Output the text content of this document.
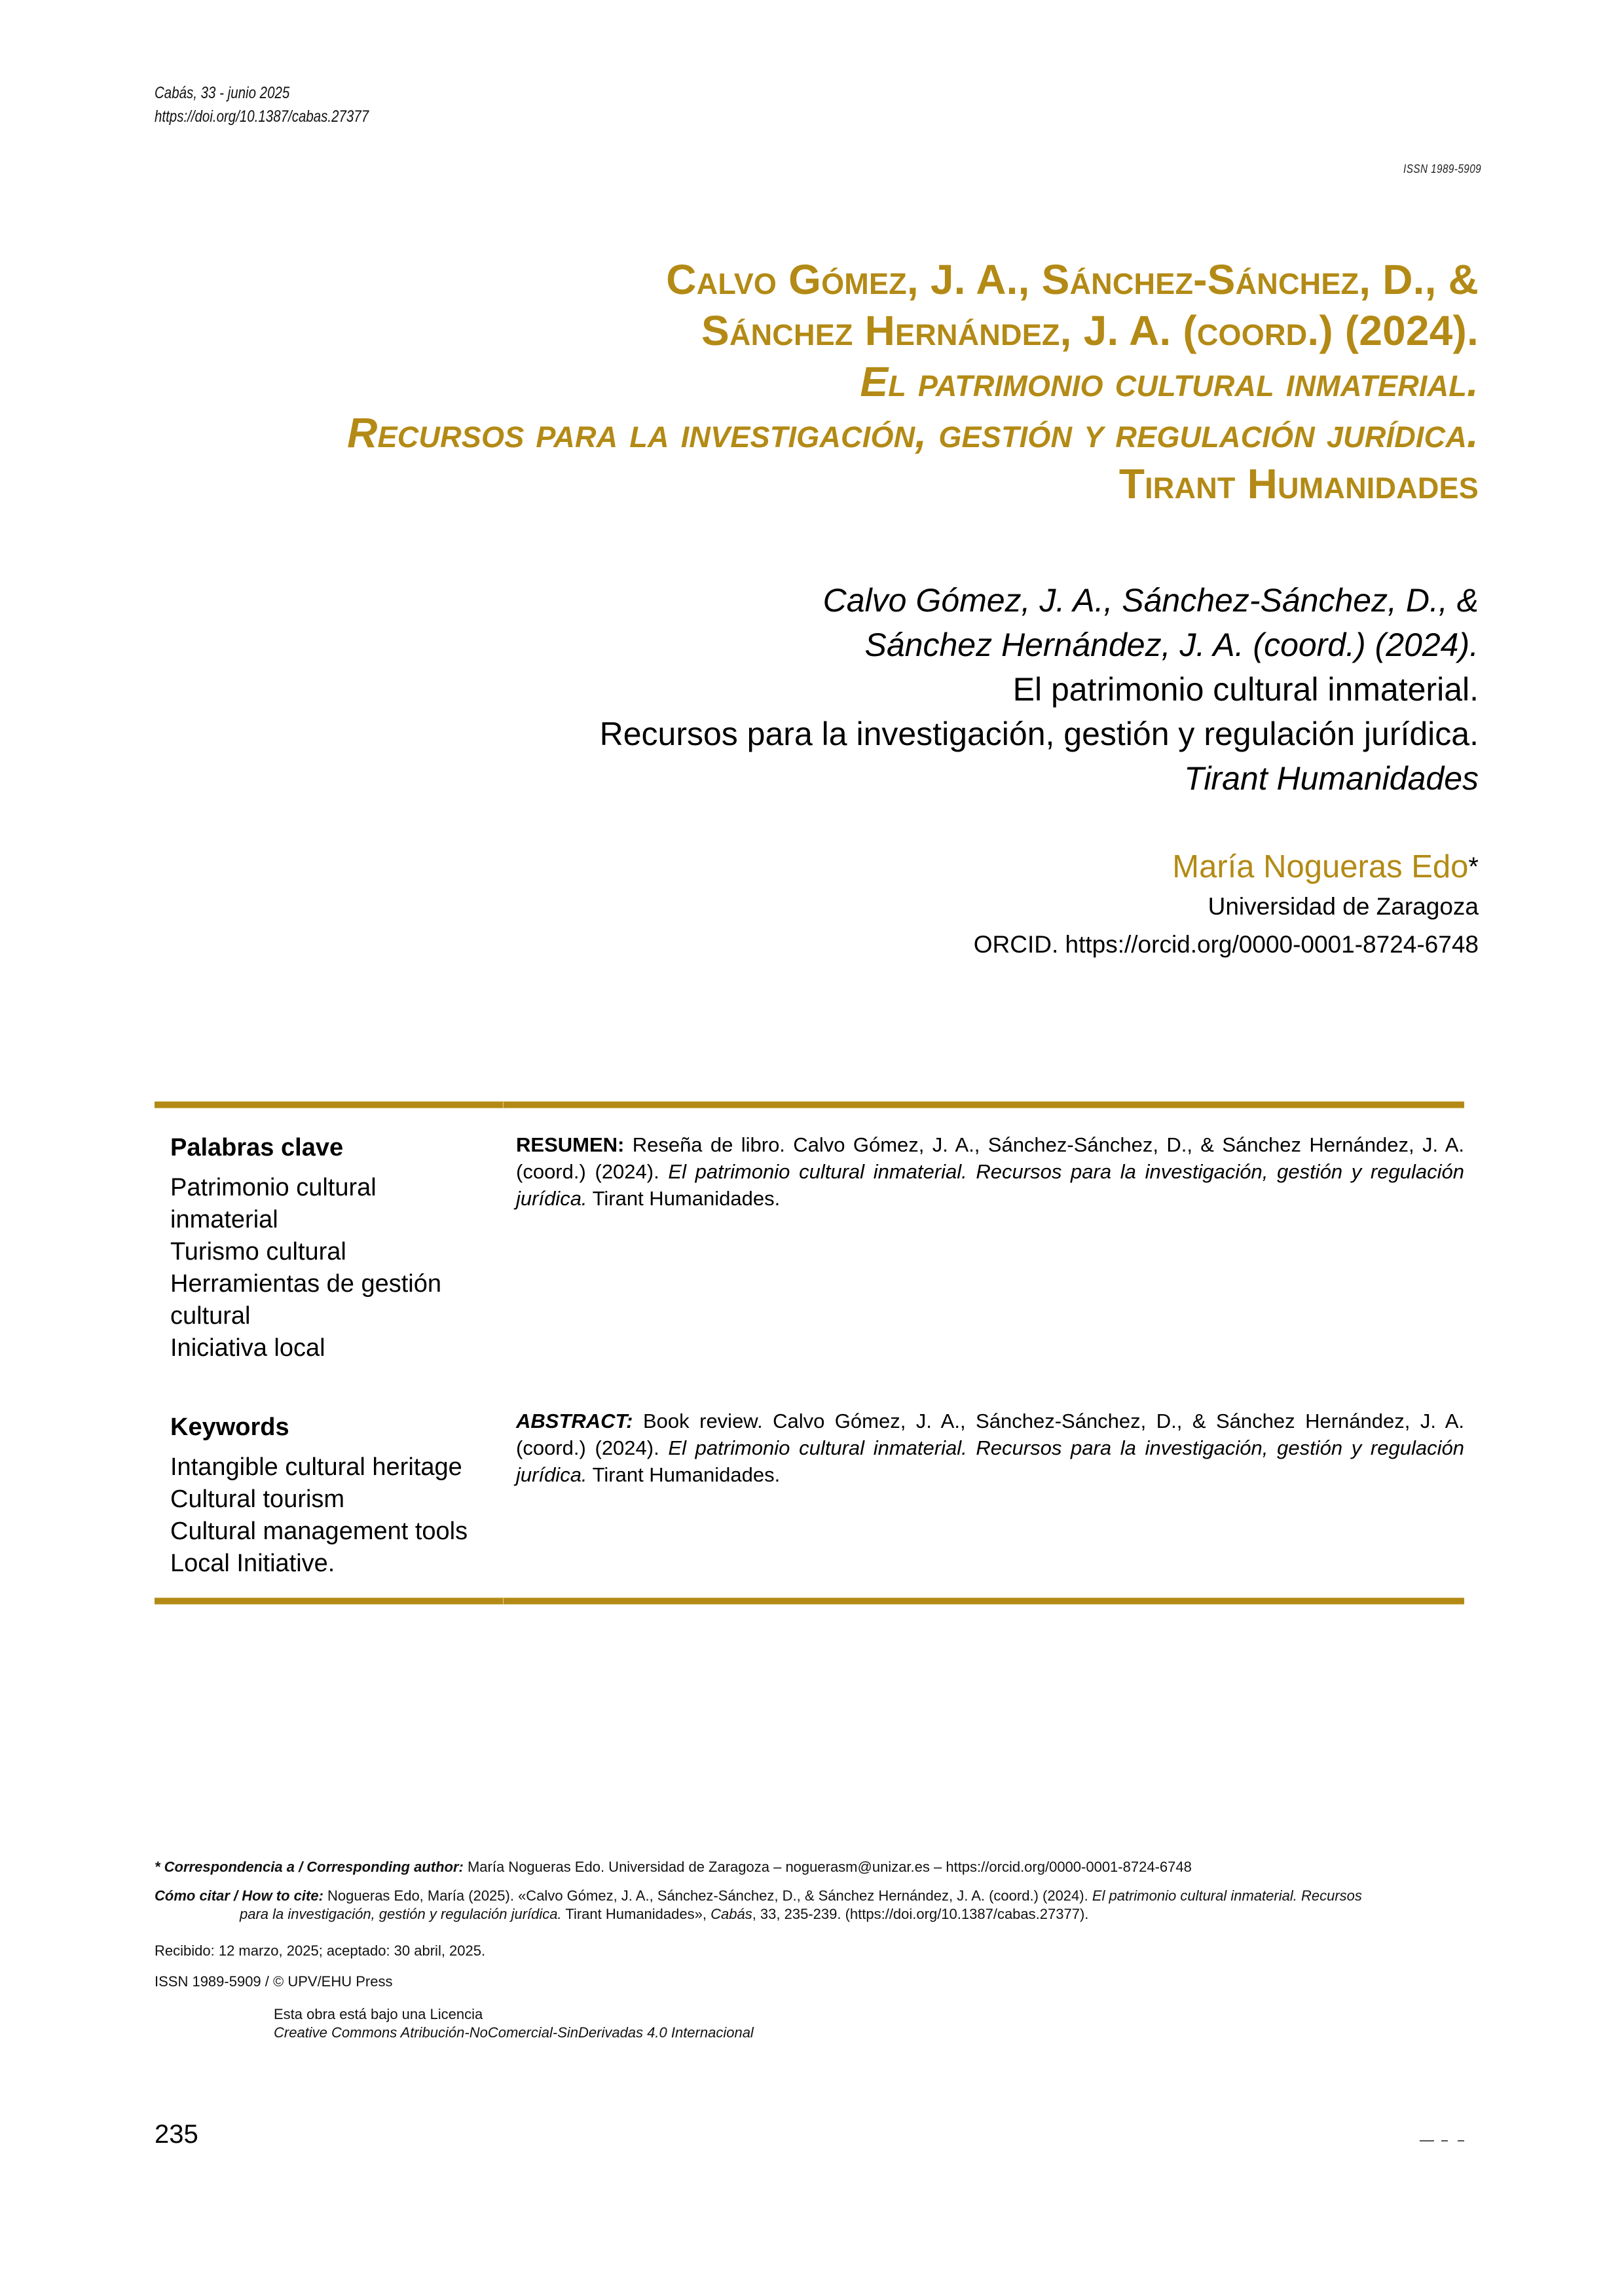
Cabás, 33 - junio 2025
https://doi.org/10.1387/cabas.27377
ISSN 1989-5909
Calvo Gómez, J. A., Sánchez-Sánchez, D., &
Sánchez Hernández, J. A. (coord.) (2024).
El patrimonio cultural inmaterial.
Recursos para la investigación, gestión y regulación jurídica.
Tirant Humanidades
Calvo Gómez, J. A., Sánchez-Sánchez, D., &
Sánchez Hernández, J. A. (coord.) (2024).
El patrimonio cultural inmaterial.
Recursos para la investigación, gestión y regulación jurídica.
Tirant Humanidades
María Nogueras Edo*
Universidad de Zaragoza
ORCID. https://orcid.org/0000-0001-8724-6748
Palabras clave
Patrimonio cultural
inmaterial
Turismo cultural
Herramientas de gestión
cultural
Iniciativa local
RESUMEN: Reseña de libro. Calvo Gómez, J. A., Sánchez-Sánchez, D., & Sánchez Hernández, J. A. (coord.) (2024). El patrimonio cultural inmaterial. Recursos para la investigación, gestión y regulación jurídica. Tirant Humanidades.
Keywords
Intangible cultural heritage
Cultural tourism
Cultural management tools
Local Initiative.
ABSTRACT: Book review. Calvo Gómez, J. A., Sánchez-Sánchez, D., & Sánchez Hernández, J. A. (coord.) (2024). El patrimonio cultural inmaterial. Recursos para la investigación, gestión y regulación jurídica. Tirant Humanidades.
* Correspondencia a / Corresponding author: María Nogueras Edo. Universidad de Zaragoza – noguerasm@unizar.es – https://orcid.org/0000-0001-8724-6748
Cómo citar / How to cite: Nogueras Edo, María (2025). «Calvo Gómez, J. A., Sánchez-Sánchez, D., & Sánchez Hernández, J. A. (coord.) (2024). El patrimonio cultural inmaterial. Recursos
para la investigación, gestión y regulación jurídica. Tirant Humanidades», Cabás, 33, 235-239. (https://doi.org/10.1387/cabas.27377).
Recibido: 12 marzo, 2025; aceptado: 30 abril, 2025.
ISSN 1989-5909 / © UPV/EHU Press
Esta obra está bajo una Licencia
Creative Commons Atribución-NoComercial-SinDerivadas 4.0 Internacional
235
